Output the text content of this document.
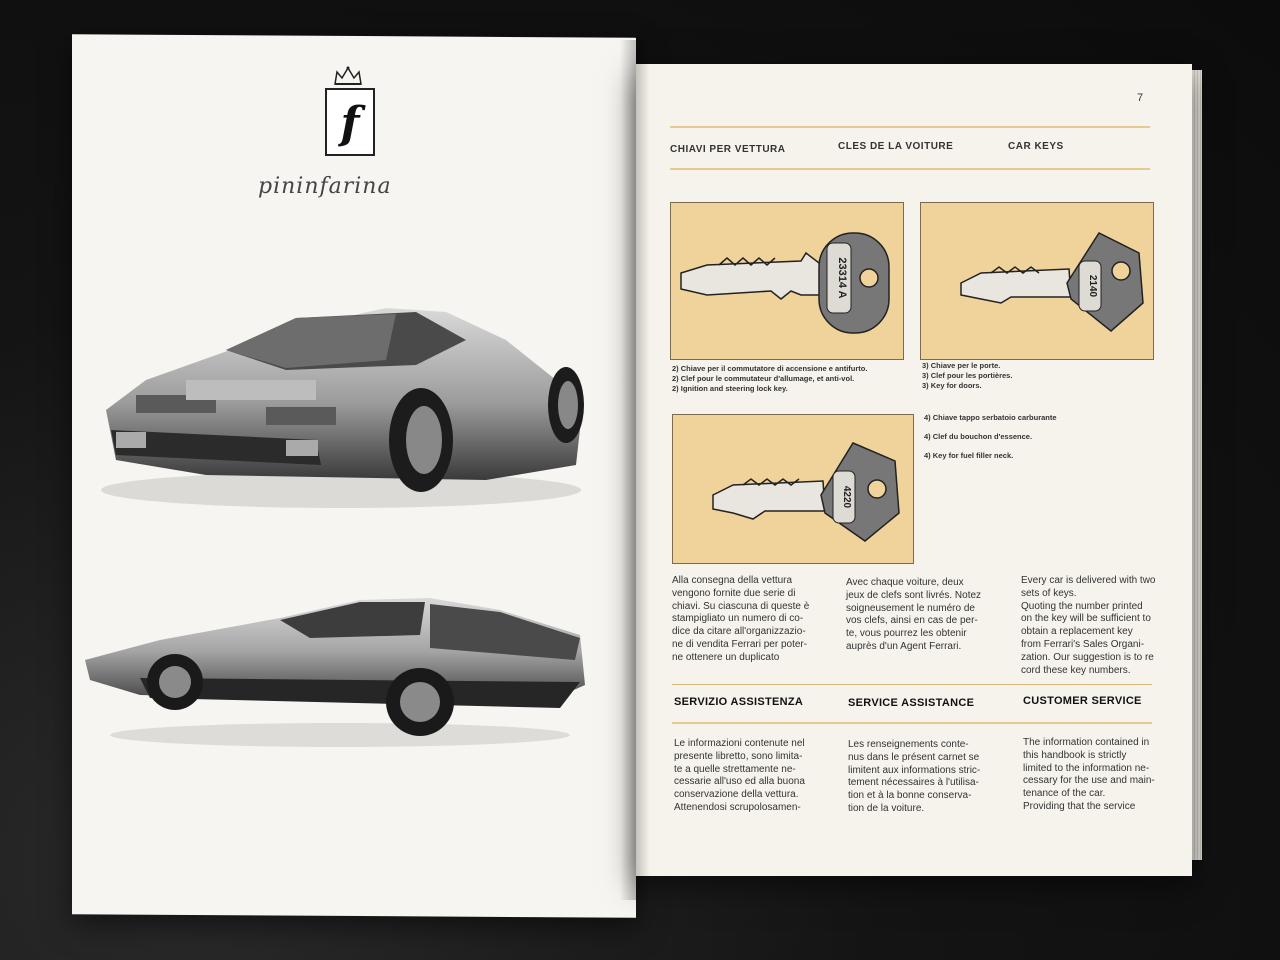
f
pininfarina
7
CHIAVI PER VETTURA	CLES DE LA VOITURE	CAR KEYS
23314 A	2140
2) Chiave per il commutatore di accensione e antifurto.
2) Clef pour le commutateur d'allumage, et anti-vol.
2) Ignition and steering lock key.
3) Chiave per le porte.
3) Clef pour les portières.
3) Key for doors.
4220
4) Chiave tappo serbatoio carburante
4) Clef du bouchon d'essence.
4) Key for fuel filler neck.
Alla consegna della vettura
vengono fornite due serie di
chiavi. Su ciascuna di queste è
stampigliato un numero di co-
dice da citare all'organizzazio-
ne di vendita Ferrari per poter-
ne ottenere un duplicato
Avec chaque voiture, deux
jeux de clefs sont livrés. Notez
soigneusement le numéro de
vos clefs, ainsi en cas de per-
te, vous pourrez les obtenir
auprès d'un Agent Ferrari.
Every car is delivered with two
sets of keys.
Quoting the number printed
on the key will be sufficient to
obtain a replacement key
from Ferrari's Sales Organi-
zation. Our suggestion is to re
cord these key numbers.
SERVIZIO ASSISTENZA	SERVICE ASSISTANCE	CUSTOMER SERVICE
Le informazioni contenute nel
presente libretto, sono limita-
te a quelle strettamente ne-
cessarie all'uso ed alla buona
conservazione della vettura.
Attenendosi scrupolosamen-
Les renseignements conte-
nus dans le présent carnet se
limitent aux informations stric-
tement nécessaires à l'utilisa-
tion et à la bonne conserva-
tion de la voiture.
The information contained in
this handbook is strictly
limited to the information ne-
cessary for the use and main-
tenance of the car.
Providing that the service
